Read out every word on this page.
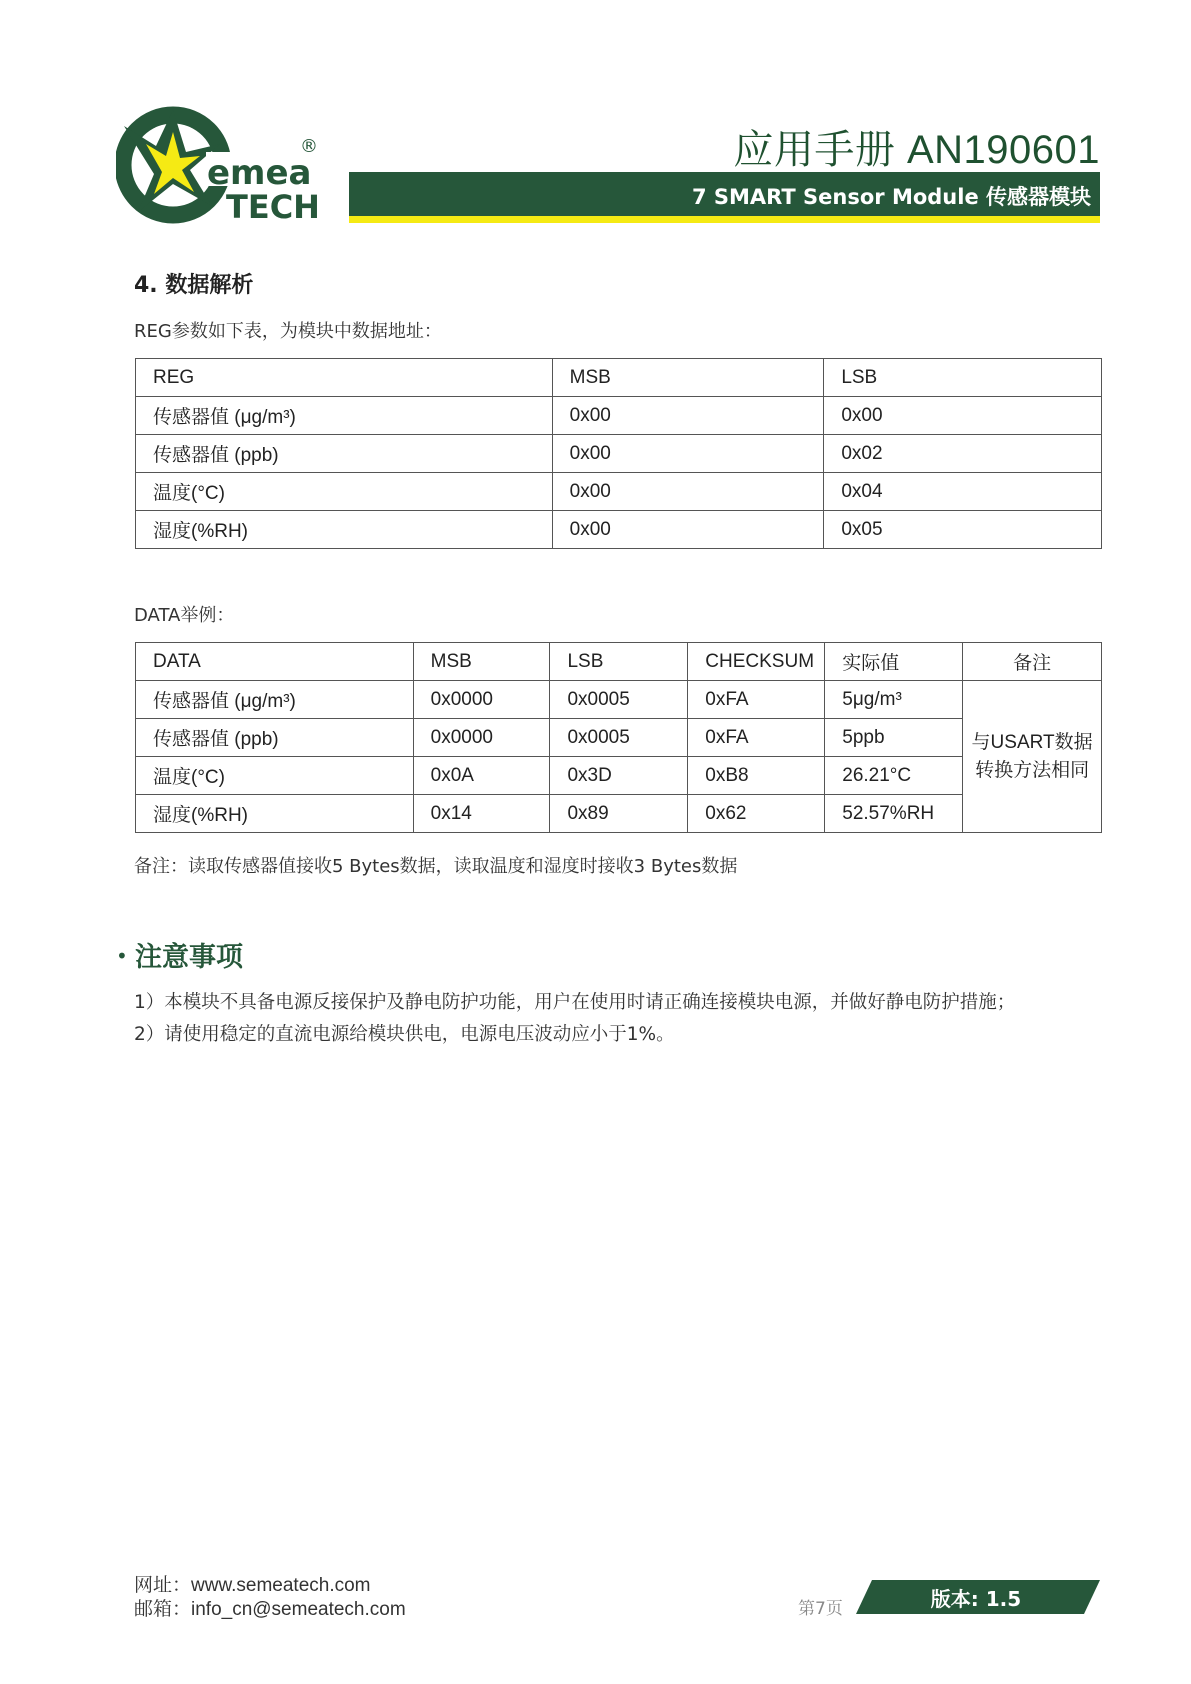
emea
TECH
®	应用手册 AN190601
7 SMART Sensor Module 传感器模块
4. 数据解析
REG参数如下表，为模块中数据地址：
REG	MSB	LSB
传感器值 (μg/m³)	0x00	0x00
传感器值 (ppb)	0x00	0x02
温度(°C)	0x00	0x04
湿度(%RH)	0x00	0x05
DATA举例：
DATA	MSB	LSB	CHECKSUM	实际值	备注
传感器值 (μg/m³)	0x0000	0x0005	0xFA	5μg/m³	与USART数据转换方法相同
传感器值 (ppb)	0x0000	0x0005	0xFA	5ppb	
温度(°C)	0x0A	0x3D	0xB8	26.21°C	
湿度(%RH)	0x14	0x89	0x62	52.57%RH	
备注：读取传感器值接收5 Bytes数据，读取温度和湿度时接收3 Bytes数据
• 注意事项
1）本模块不具备电源反接保护及静电防护功能，用户在使用时请正确连接模块电源，并做好静电防护措施；
2）请使用稳定的直流电源给模块供电，电源电压波动应小于1%。
网址：www.semeatech.com
邮箱：info_cn@semeatech.com	第7页	版本: 1.5
